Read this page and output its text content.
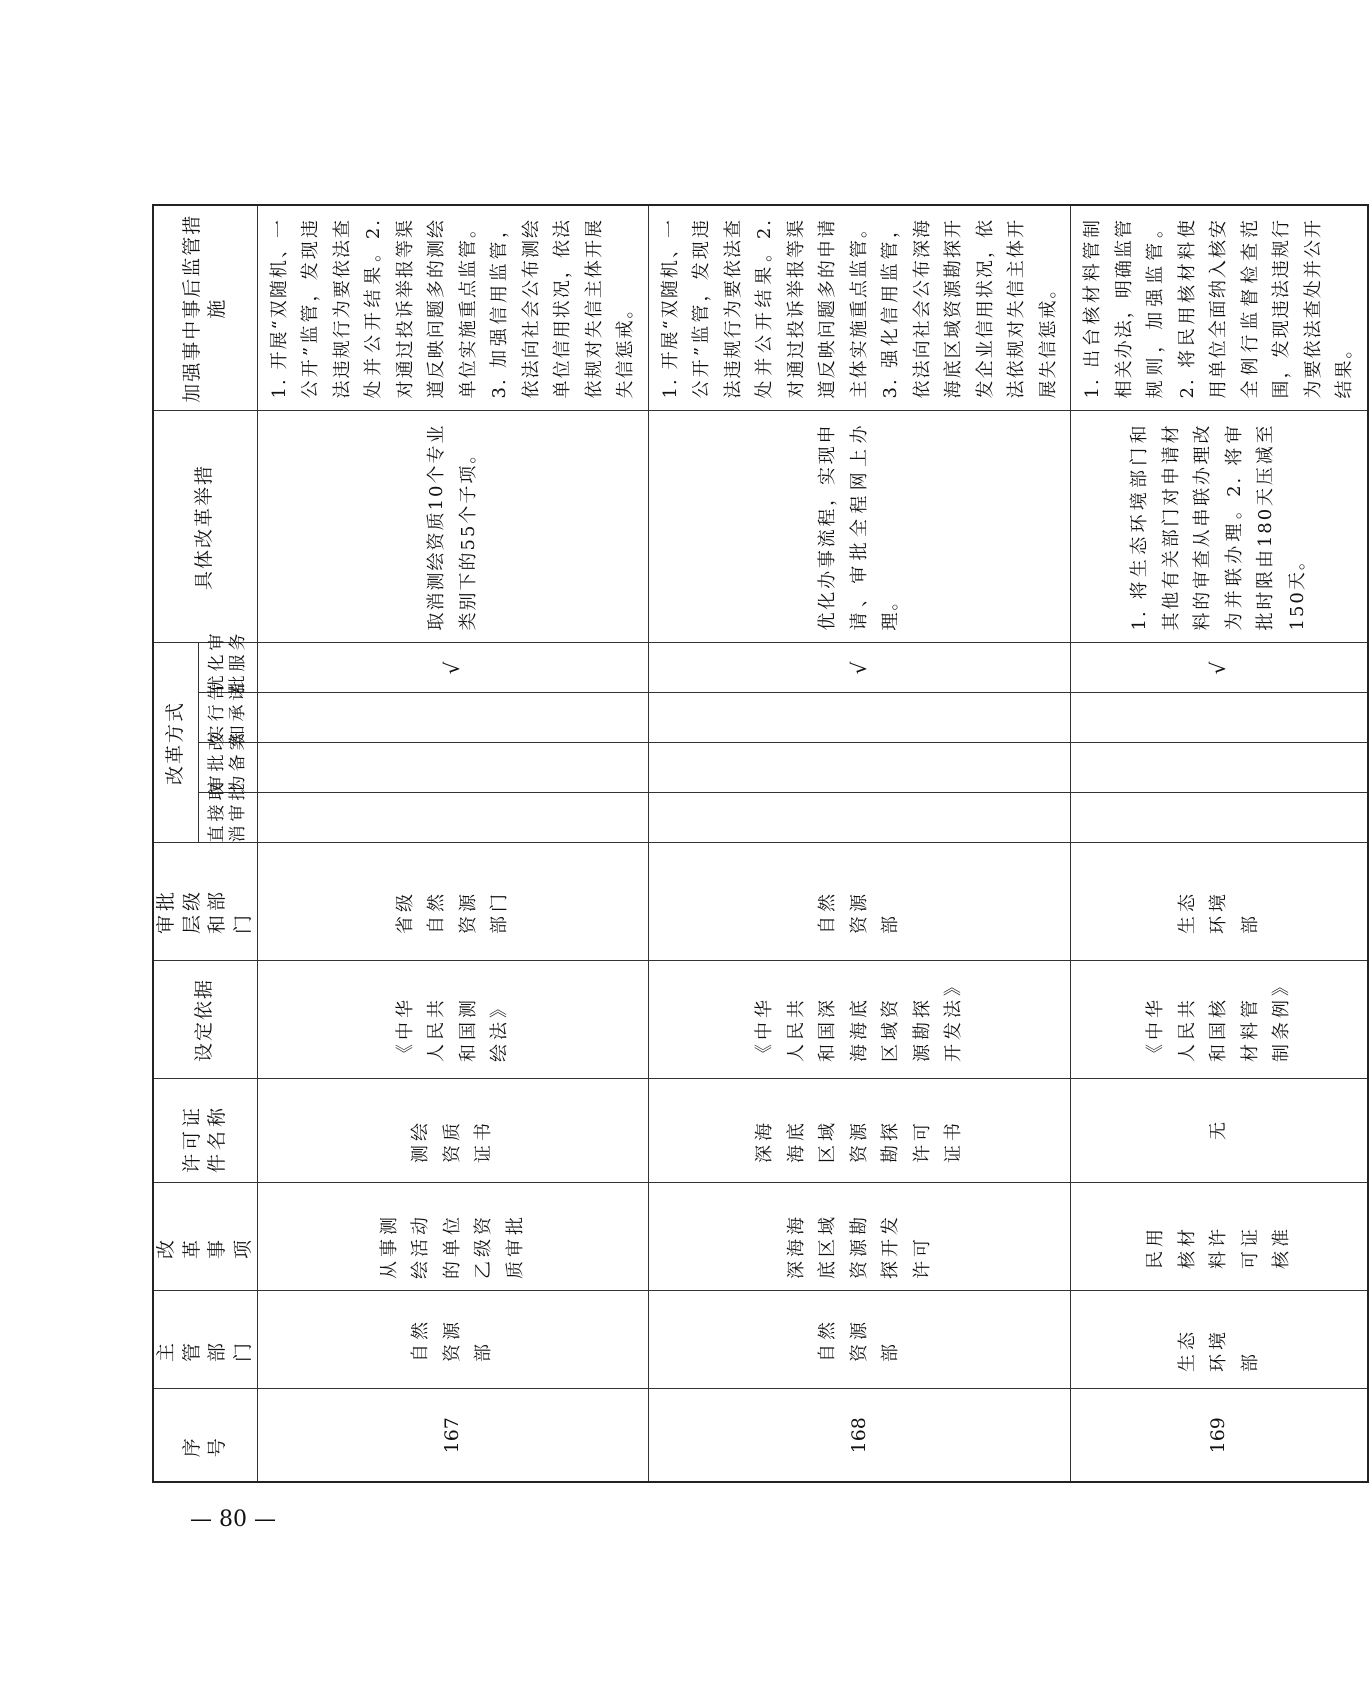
序号	主管部门	改革事项	许可证件名称	设定依据	审批层级和部门	改革方式				具体改革举措	加强事中事后监管措施
						直接取消审批	审批改为备案	实行告知承诺	优化审批服务		
167	自然资源部	从事测绘活动的单位乙级资质审批	测绘资质证书	《中华人民共和国测绘法》	省级自然资源部门				√	取消测绘资质10个专业类别下的55个子项。	1. 开展“双随机、一公开”监管，发现违法违规行为要依法查处并公开结果。2. 对通过投诉举报等渠道反映问题多的测绘单位实施重点监管。3. 加强信用监管，依法向社会公布测绘单位信用状况，依法依规对失信主体开展失信惩戒。

168	自然资源部	深海海底区域资源勘探开发许可	深海海底区域资源勘探许可证书	《中华人民共和国深海海底区域资源勘探开发法》	自然资源部				√	优化办事流程，实现申请、审批全程网上办理。	1. 开展“双随机、一公开”监管，发现违法违规行为要依法查处并公开结果。2. 对通过投诉举报等渠道反映问题多的申请主体实施重点监管。3. 强化信用监管，依法向社会公布深海海底区域资源勘探开发企业信用状况，依法依规对失信主体开展失信惩戒。

169	生态环境部	民用核材料许可证核准	无	《中华人民共和国核材料管制条例》	生态环境部				√	1. 将生态环境部门和其他有关部门对申请材料的审查从串联办理改为并联办理。2. 将审批时限由180天压减至150天。	1. 出台核材料管制相关办法，明确监管规则，加强监管。2. 将民用核材料使用单位全面纳入核安全例行监督检查范围，发现违法违规行为要依法查处并公开结果。
— 80 —
